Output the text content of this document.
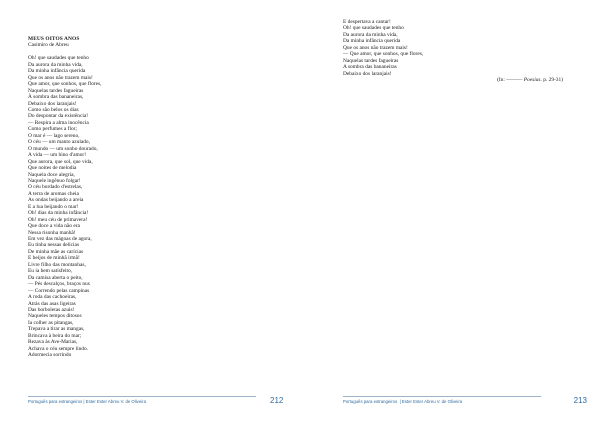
MEUS OITOS ANOS
Casimiro de Abreu
Oh! que saudades que tenho
Da aurora da minha vida,
Da minha infância querida
Que os anos não trazem mais!
Que amor, que sonhos, que flores,
Naquelas tardes fagueiras
À sombra das bananeiras,
Debaixo dos laranjais!
Como são belos os dias
Do despontar da existência!
— Respira a alma inocência
Como perfumes a flor;
O mar é — lago sereno,
O céu — um manto azulado,
O mundo — um sonho dourado,
A vida — um hino d'amor!
Que aurora, que sol, que vida,
Que noites de melodia
Naquela doce alegria,
Naquele ingênuo folgar!
O céu bordado d'estrelas,
A terra de aromas cheia
As ondas beijando a areia
E a lua beijando o mar!
Oh! dias da minha infância!
Oh! meu céu de primavera!
Que doce a vida não era
Nessa risonha manhã!
Em vez das mágoas de agora,
Eu tinha nessas delícias
De minha mãe as carícias
E beijos de minhã irmã!
Livre filho das montanhas,
Eu ia bem satisfeito,
Da camisa aberta o peito,
— Pés descalços, braços nus
— Correndo pelas campinas
A roda das cachoeiras,
Atrás das asas ligeiras
Das borboletas azuis!
Naqueles tempos ditosos
Ia colher as pitangas,
Trepava a tirar as mangas,
Brincava à beira do mar;
Rezava às Ave-Marias,
Achava o céu sempre lindo.
Adormecia sorrindo
Português para estrangeiros | Ester Ester Abreu V. de Oliveira	212
E despertava a cantar!
Oh! que saudades que tenho
Da aurora da minha vida,
Da minha infância querida
Que os anos não trazem mais!
— Que amor, que sonhos, que flores,
Naquelas tardes fagueiras
A sombra das bananeiras
Debaixo dos laranjais!
(In: ——— Poesias. p. 29-31)
Português para estrangeiros  | Ester Ester Abreu V. de Oliveira	213
